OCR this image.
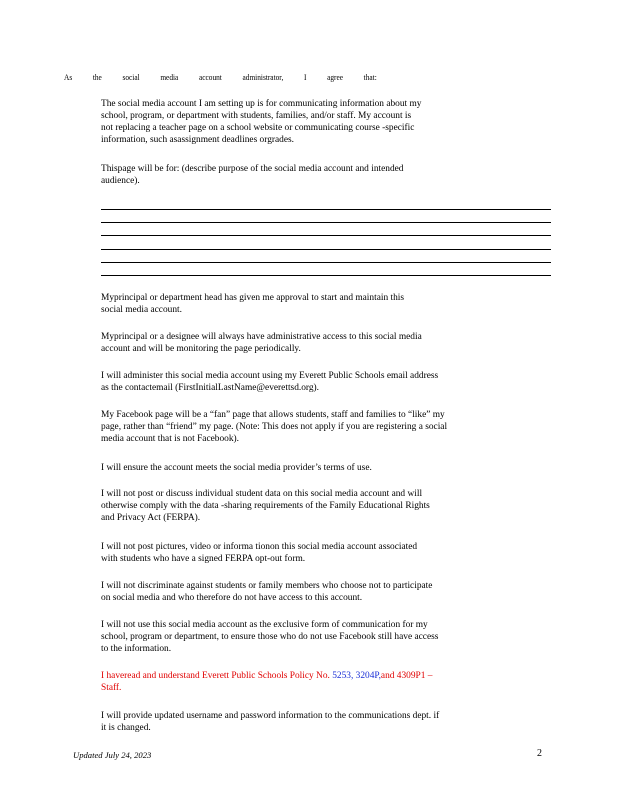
As	the	social	media	account	administrator,	I	agree	that:
The social media account I am setting up is for communicating information about my
school, program, or department with students, families, and/or staff. My account is
not replacing a teacher page on a school website or communicating course -specific
information, such asassignment deadlines orgrades.
Thispage will be for: (describe purpose of the social media account and intended
audience).
Myprincipal or department head has given me approval to start and maintain this
social media account.
Myprincipal or a designee will always have administrative access to this social media
account and will be monitoring the page periodically.
I will administer this social media account using my Everett Public Schools email address
as the contactemail (FirstInitialLastName@everettsd.org).
My Facebook page will be a “fan” page that allows students, staff and families to “like” my
page, rather than “friend” my page. (Note: This does not apply if you are registering a social
media account that is not Facebook).
I will ensure the account meets the social media provider’s terms of use.
I will not post or discuss individual student data on this social media account and will
otherwise comply with the data -sharing requirements of the Family Educational Rights
and Privacy Act (FERPA).
I will not post pictures, video or informa tionon this social media account associated
with students who have a signed FERPA opt-out form.
I will not discriminate against students or family members who choose not to participate
on social media and who therefore do not have access to this account.
I will not use this social media account as the exclusive form of communication for my
school, program or department, to ensure those who do not use Facebook still have access
to the information.
I haveread and understand Everett Public Schools Policy No. 5253, 3204P,and 4309P1 –
Staff.
I will provide updated username and password information to the communications dept. if
it is changed.
Updated July 24, 2023	2
